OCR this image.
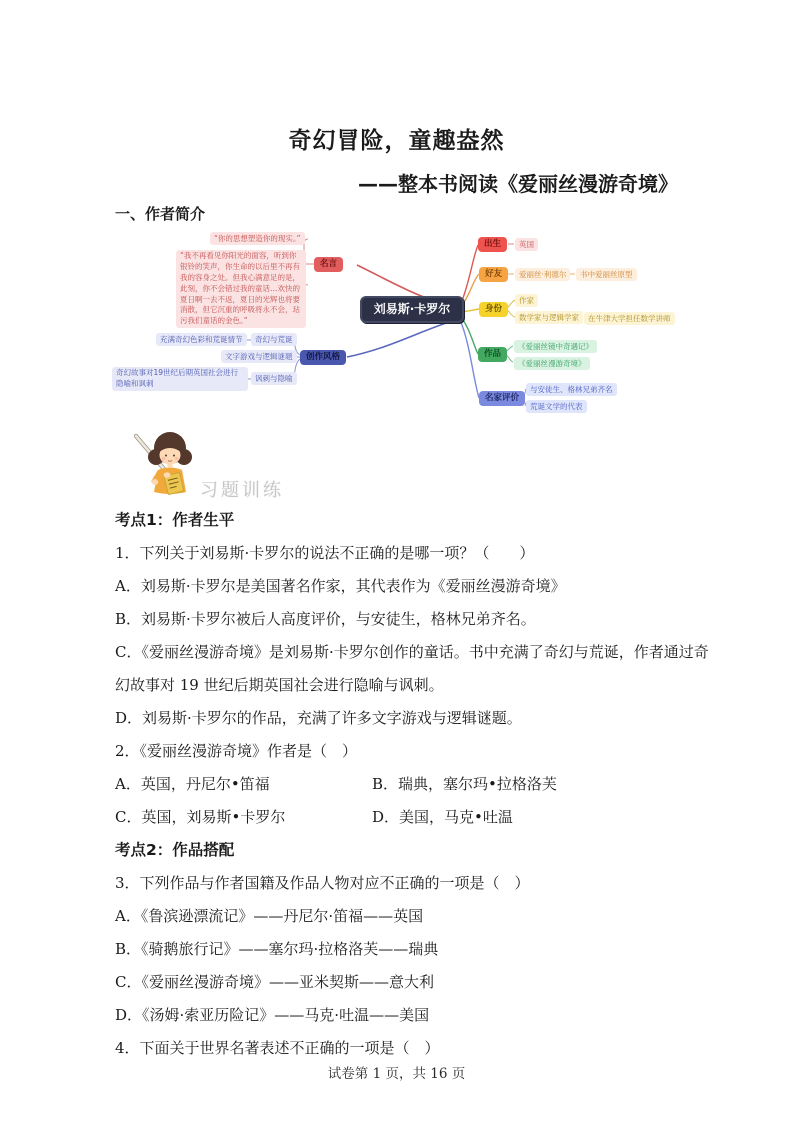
奇幻冒险，童趣盎然
——整本书阅读《爱丽丝漫游奇境》
一、作者简介
“你的思想塑造你的现实。”
“我不再看见你阳光的面容，听到你银铃的笑声，你生命的以后里不再有我的容身之处。但我心满意足的是，此刻，你不会错过我的童话…欢快的夏日啊一去不返，夏日的光辉也将要消散，但它沉重的呼吸将永不会，玷污我们童话的金色。”
名言
充满奇幻色彩和荒诞情节	奇幻与荒诞
文字游戏与逻辑谜题
奇幻故事对19世纪后期英国社会进行隐喻和讽刺
讽刺与隐喻
创作风格
刘易斯·卡罗尔
出生	英国
好友	爱丽丝·利德尔	书中爱丽丝原型
身份
作家
数学家与逻辑学家	在牛津大学担任数学讲师
作品
《爱丽丝镜中奇遇记》
《爱丽丝漫游奇境》
名家评价
与安徒生、格林兄弟齐名
荒诞文学的代表
习题训练
考点1：作者生平
1．下列关于刘易斯·卡罗尔的说法不正确的是哪一项？（　　）
A．刘易斯·卡罗尔是美国著名作家，其代表作为《爱丽丝漫游奇境》
B．刘易斯·卡罗尔被后人高度评价，与安徒生，格林兄弟齐名。
C．《爱丽丝漫游奇境》是刘易斯·卡罗尔创作的童话。书中充满了奇幻与荒诞，作者通过奇
幻故事对 19 世纪后期英国社会进行隐喻与讽刺。
D．刘易斯·卡罗尔的作品，充满了许多文字游戏与逻辑谜题。
2．《爱丽丝漫游奇境》作者是（　）
A．英国，丹尼尔•笛福	B．瑞典，塞尔玛•拉格洛芙
C．英国，刘易斯•卡罗尔	D．美国，马克•吐温
考点2：作品搭配
3．下列作品与作者国籍及作品人物对应不正确的一项是（　）
A．《鲁滨逊漂流记》——丹尼尔·笛福——英国
B．《骑鹅旅行记》——塞尔玛·拉格洛芙——瑞典
C．《爱丽丝漫游奇境》——亚米契斯——意大利
D．《汤姆·索亚历险记》——马克·吐温——美国
4．下面关于世界名著表述不正确的一项是（　）
试卷第 1 页，共 16 页
